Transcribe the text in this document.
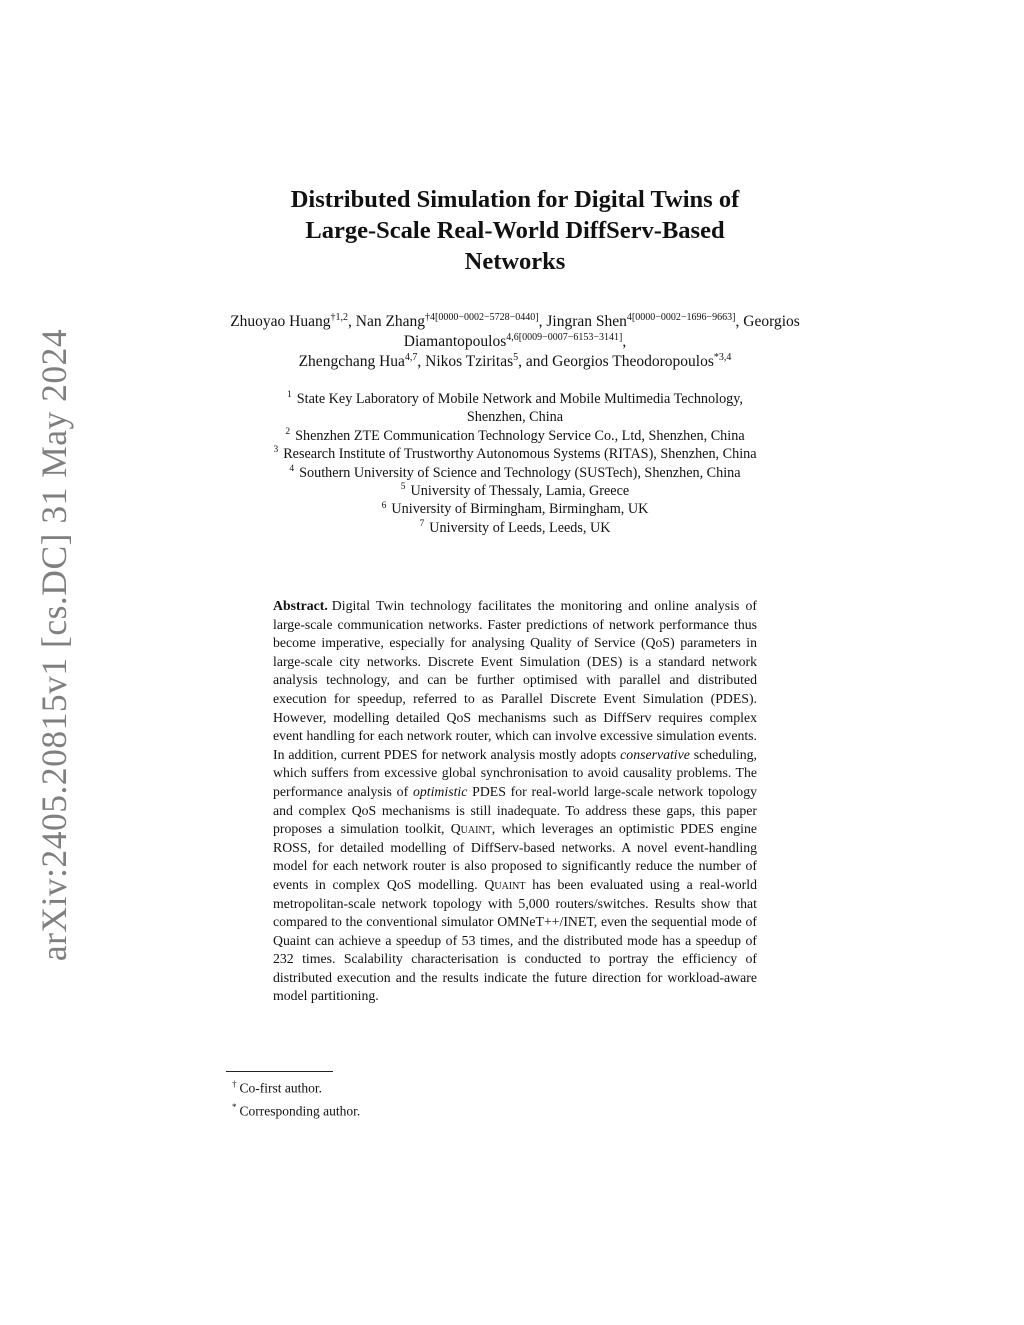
arXiv:2405.20815v1 [cs.DC] 31 May 2024
Distributed Simulation for Digital Twins of
Large-Scale Real-World DiffServ-Based
Networks
Zhuoyao Huang$^{\dagger 1,2}$, Nan Zhang$^{\dagger 4[0000-0002-5728-0440]}$, Jingran Shen$^{4[0000-0002-1696-9663]}$, Georgios Diamantopoulos$^{4,6[0009-0007-6153-3141]}$,
Zhengchang Hua$^{4,7}$, Nikos Tziritas$^5$, and Georgios Theodoropoulos$^{*3,4}$
$^1$ State Key Laboratory of Mobile Network and Mobile Multimedia Technology,
Shenzhen, China
$^2$ Shenzhen ZTE Communication Technology Service Co., Ltd, Shenzhen, China
$^3$ Research Institute of Trustworthy Autonomous Systems (RITAS), Shenzhen, China
$^4$ Southern University of Science and Technology (SUSTech), Shenzhen, China
$^5$ University of Thessaly, Lamia, Greece
$^6$ University of Birmingham, Birmingham, UK
$^7$ University of Leeds, Leeds, UK
Abstract. Digital Twin technology facilitates the monitoring and online analysis of large-scale communication networks. Faster predictions of network performance thus become imperative, especially for analysing Quality of Service (QoS) parameters in large-scale city networks. Discrete Event Simulation (DES) is a standard network analysis technology, and can be further optimised with parallel and distributed execution for speedup, referred to as Parallel Discrete Event Simulation (PDES). However, modelling detailed QoS mechanisms such as DiffServ requires complex event handling for each network router, which can involve excessive simulation events. In addition, current PDES for network analysis mostly adopts conservative scheduling, which suffers from excessive global synchronisation to avoid causality problems. The performance analysis of optimistic PDES for real-world large-scale network topology and complex QoS mechanisms is still inadequate. To address these gaps, this paper proposes a simulation toolkit, Quaint, which leverages an optimistic PDES engine ROSS, for detailed modelling of DiffServ-based networks. A novel event-handling model for each network router is also proposed to significantly reduce the number of events in complex QoS modelling. Quaint has been evaluated using a real-world metropolitan-scale network topology with 5,000 routers/switches. Results show that compared to the conventional simulator OMNeT++/INET, even the sequential mode of Quaint can achieve a speedup of 53 times, and the distributed mode has a speedup of 232 times. Scalability characterisation is conducted to portray the efficiency of distributed execution and the results indicate the future direction for workload-aware model partitioning.
† Co-first author.
* Corresponding author.
